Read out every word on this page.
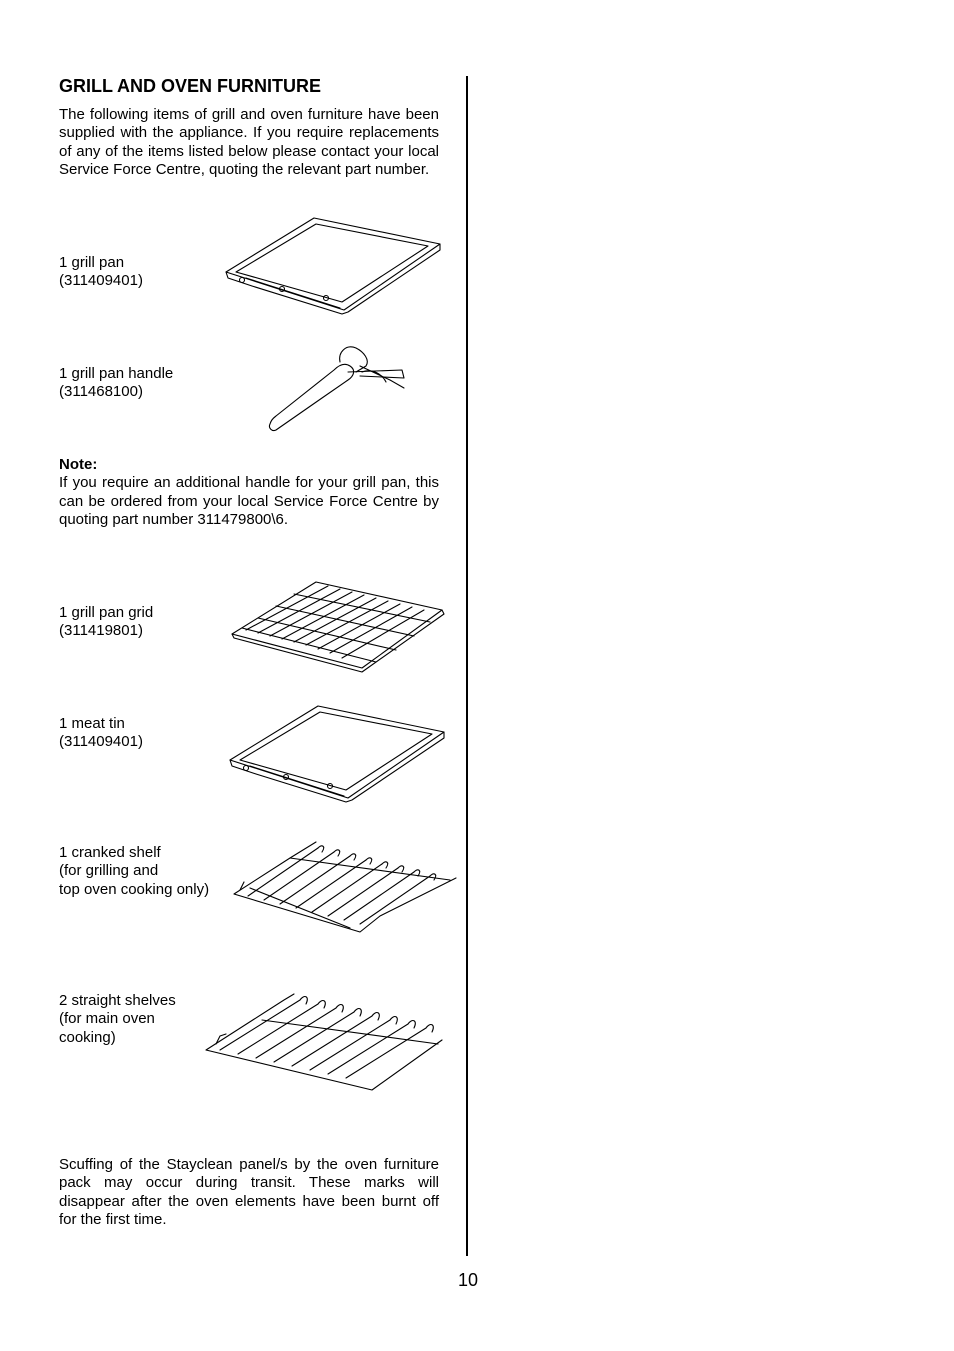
GRILL AND OVEN FURNITURE
The following items of grill and oven furniture have been supplied with the appliance. If you require replacements of any of the items listed below please contact your local Service Force Centre, quoting the relevant part number.
1 grill pan
(311409401)
1 grill pan handle
(311468100)
Note:
If you require an additional handle for your grill pan, this can be ordered from your local Service Force Centre by quoting part number 311479800\6.
1 grill pan grid
(311419801)
1 meat tin
(311409401)
1 cranked shelf
(for grilling and
top oven cooking only)
2 straight shelves
(for main oven
cooking)
Scuffing of the Stayclean panel/s by the oven furniture pack may occur during transit. These marks will disappear after the oven elements have been burnt off for the first time.
10
